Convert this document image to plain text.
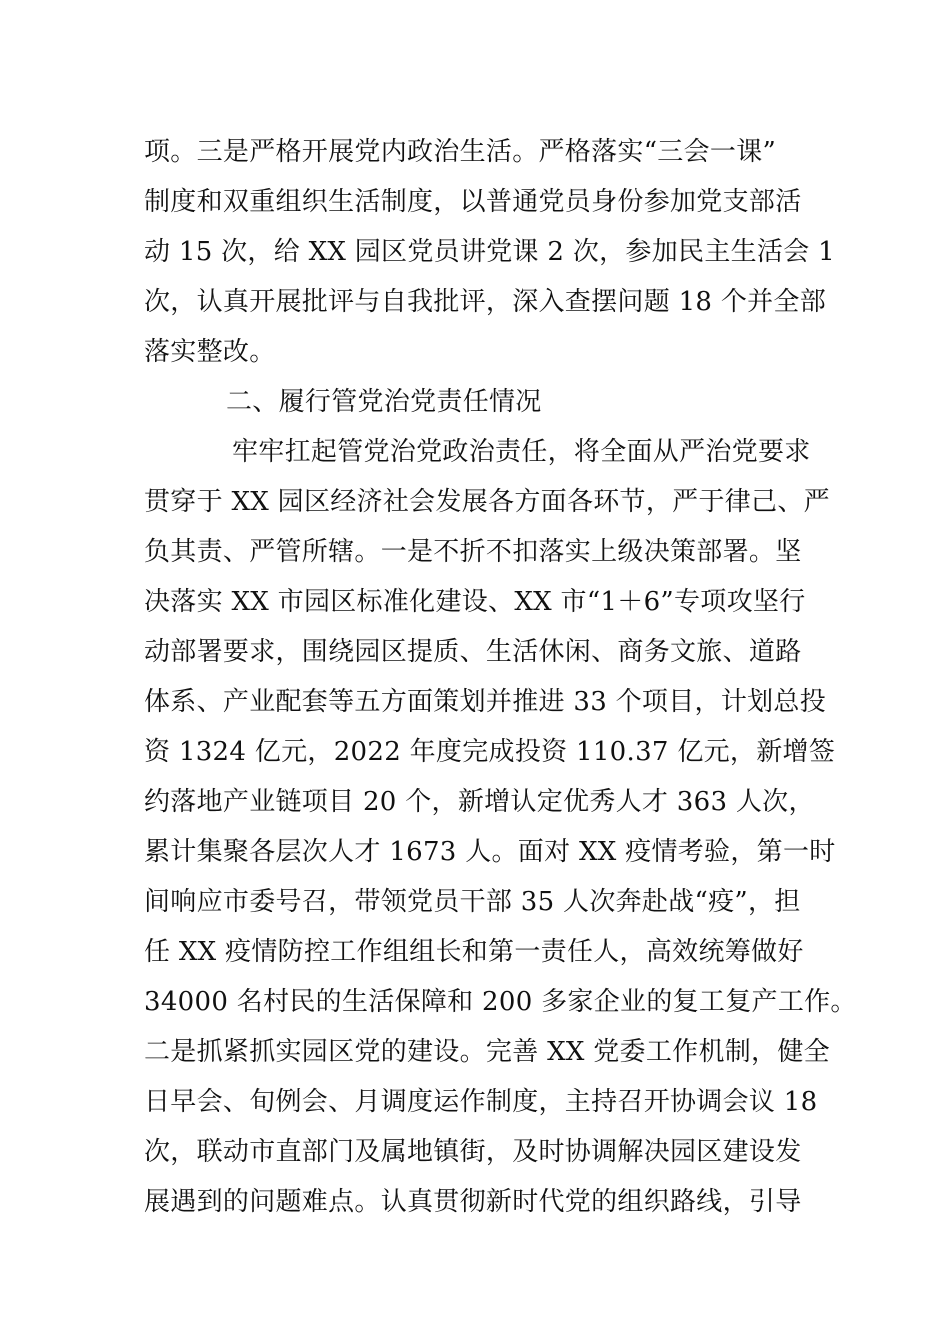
项。三是严格开展党内政治生活。严格落实“三会一课”
制度和双重组织生活制度，以普通党员身份参加党支部活
动 15 次，给 XX 园区党员讲党课 2 次，参加民主生活会 1
次，认真开展批评与自我批评，深入查摆问题 18 个并全部
落实整改。
二、履行管党治党责任情况
牢牢扛起管党治党政治责任，将全面从严治党要求
贯穿于 XX 园区经济社会发展各方面各环节，严于律己、严
负其责、严管所辖。一是不折不扣落实上级决策部署。坚
决落实 XX 市园区标准化建设、XX 市“1＋6”专项攻坚行
动部署要求，围绕园区提质、生活休闲、商务文旅、道路
体系、产业配套等五方面策划并推进 33 个项目，计划总投
资 1324 亿元，2022 年度完成投资 110.37 亿元，新增签
约落地产业链项目 20 个，新增认定优秀人才 363 人次，
累计集聚各层次人才 1673 人。面对 XX 疫情考验，第一时
间响应市委号召，带领党员干部 35 人次奔赴战“疫”，担
任 XX 疫情防控工作组组长和第一责任人，高效统筹做好
34000 名村民的生活保障和 200 多家企业的复工复产工作。
二是抓紧抓实园区党的建设。完善 XX 党委工作机制，健全
日早会、旬例会、月调度运作制度，主持召开协调会议 18
次，联动市直部门及属地镇街，及时协调解决园区建设发
展遇到的问题难点。认真贯彻新时代党的组织路线，引导
